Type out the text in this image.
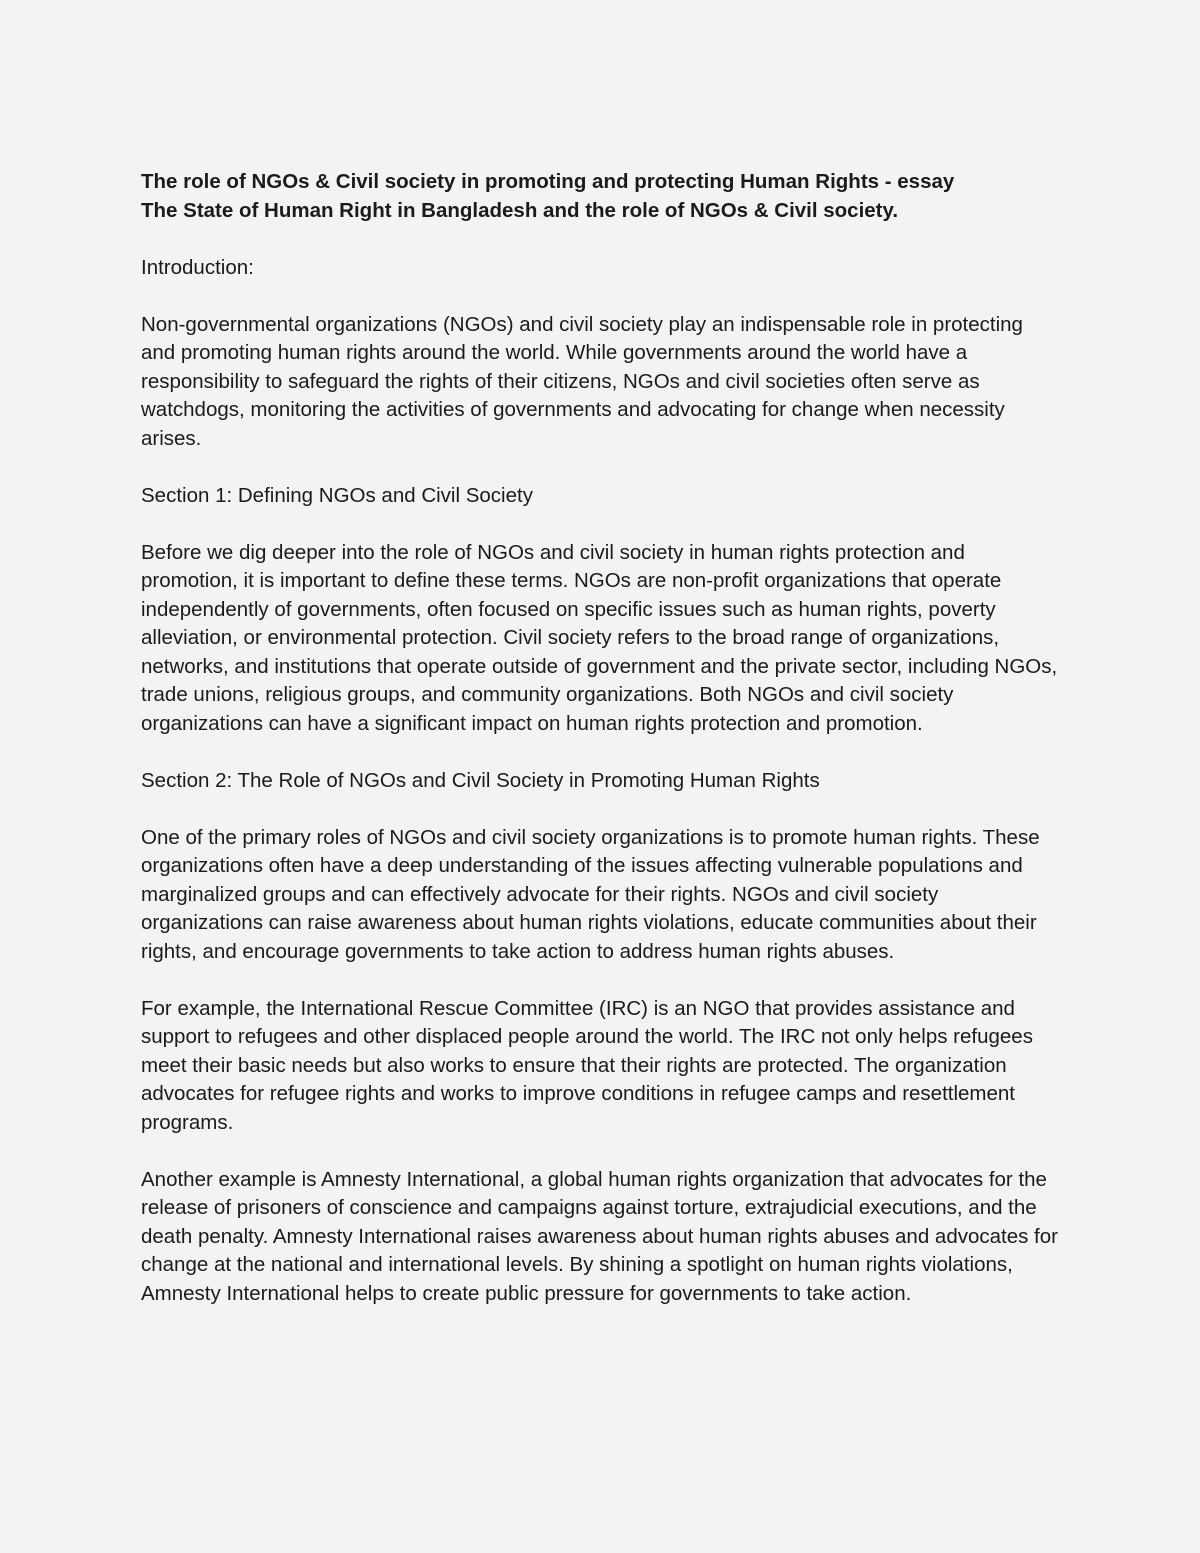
The role of NGOs & Civil society in promoting and protecting Human Rights - essay
The State of Human Right in Bangladesh and the role of NGOs & Civil society.

Introduction:

Non-governmental organizations (NGOs) and civil society play an indispensable role in protecting and promoting human rights around the world. While governments around the world have a responsibility to safeguard the rights of their citizens, NGOs and civil societies often serve as watchdogs, monitoring the activities of governments and advocating for change when necessity arises.

Section 1: Defining NGOs and Civil Society

Before we dig deeper into the role of NGOs and civil society in human rights protection and promotion, it is important to define these terms. NGOs are non-profit organizations that operate independently of governments, often focused on specific issues such as human rights, poverty alleviation, or environmental protection. Civil society refers to the broad range of organizations, networks, and institutions that operate outside of government and the private sector, including NGOs, trade unions, religious groups, and community organizations. Both NGOs and civil society organizations can have a significant impact on human rights protection and promotion.

Section 2: The Role of NGOs and Civil Society in Promoting Human Rights

One of the primary roles of NGOs and civil society organizations is to promote human rights. These organizations often have a deep understanding of the issues affecting vulnerable populations and marginalized groups and can effectively advocate for their rights. NGOs and civil society organizations can raise awareness about human rights violations, educate communities about their rights, and encourage governments to take action to address human rights abuses.

For example, the International Rescue Committee (IRC) is an NGO that provides assistance and support to refugees and other displaced people around the world. The IRC not only helps refugees meet their basic needs but also works to ensure that their rights are protected. The organization advocates for refugee rights and works to improve conditions in refugee camps and resettlement programs.

Another example is Amnesty International, a global human rights organization that advocates for the release of prisoners of conscience and campaigns against torture, extrajudicial executions, and the death penalty. Amnesty International raises awareness about human rights abuses and advocates for change at the national and international levels. By shining a spotlight on human rights violations, Amnesty International helps to create public pressure for governments to take action.
